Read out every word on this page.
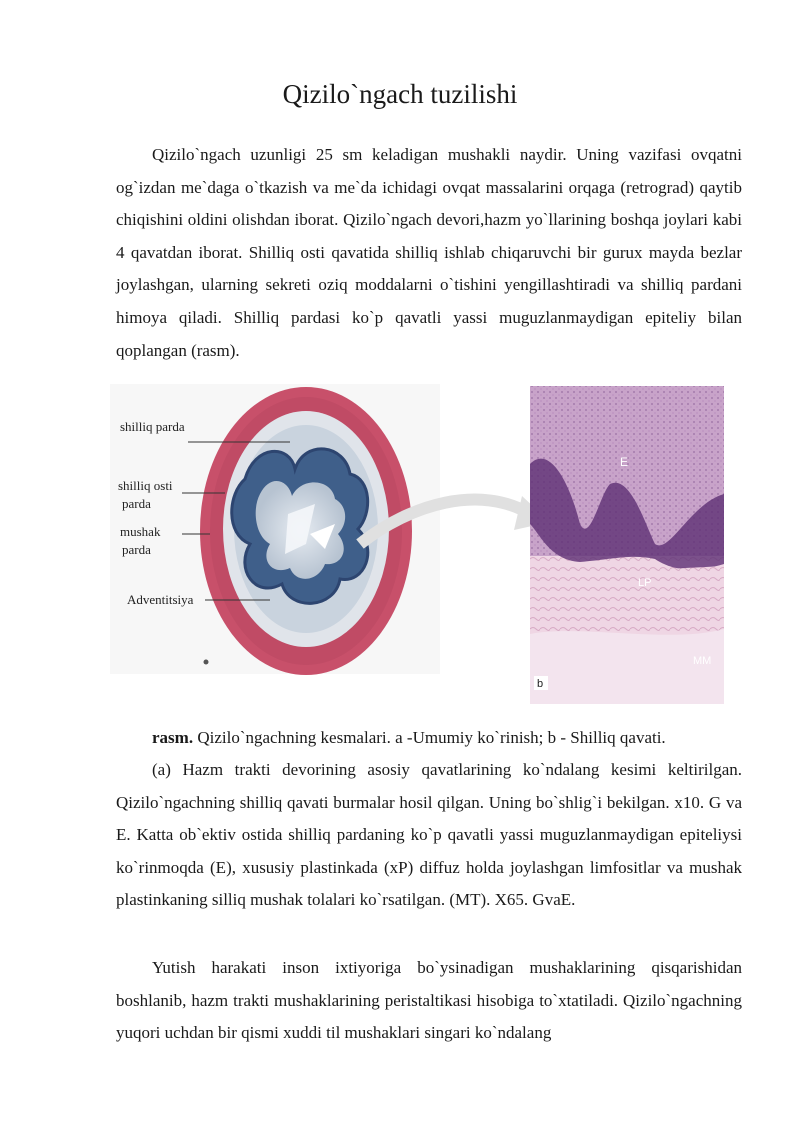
Qizilo`ngach tuzilishi

Qizilo`ngach uzunligi 25 sm keladigan mushakli naydir. Uning vazifasi ovqatni og`izdan me`daga o`tkazish va me`da ichidagi ovqat massalarini orqaga (retrograd) qaytib chiqishini oldini olishdan iborat. Qizilo`ngach devori,hazm yo`llarining boshqa joylari kabi 4 qavatdan iborat. Shilliq osti qavatida shilliq ishlab chiqaruvchi bir gurux mayda bezlar joylashgan, ularning sekreti oziq moddalarni o`tishini yengillashtiradi va shilliq pardani himoya qiladi. Shilliq pardasi ko`p qavatli yassi muguzlanmaydigan epiteliy bilan qoplangan (rasm).

E
LP
MM
b
shilliq parda
shilliq osti
parda
mushak
parda
Adventitsiya

rasm. Qizilo`ngachning kesmalari. a -Umumiy ko`rinish; b - Shilliq qavati.

(a) Hazm trakti devorining asosiy qavatlarining ko`ndalang kesimi keltirilgan. Qizilo`ngachning shilliq qavati burmalar hosil qilgan. Uning bo`shlig`i bekilgan. x10. G va E. Katta ob`ektiv ostida shilliq pardaning ko`p qavatli yassi muguzlanmaydigan epiteliysi ko`rinmoqda (E), xususiy plastinkada (xP) diffuz holda joylashgan limfositlar va mushak plastinkaning silliq mushak tolalari ko`rsatilgan. (MT). X65. GvaE.

Yutish harakati inson ixtiyoriga bo`ysinadigan mushaklarining qisqarishidan boshlanib, hazm trakti mushaklarining peristaltikasi hisobiga to`xtatiladi. Qizilo`ngachning yuqori uchdan bir qismi xuddi til mushaklari singari ko`ndalang
